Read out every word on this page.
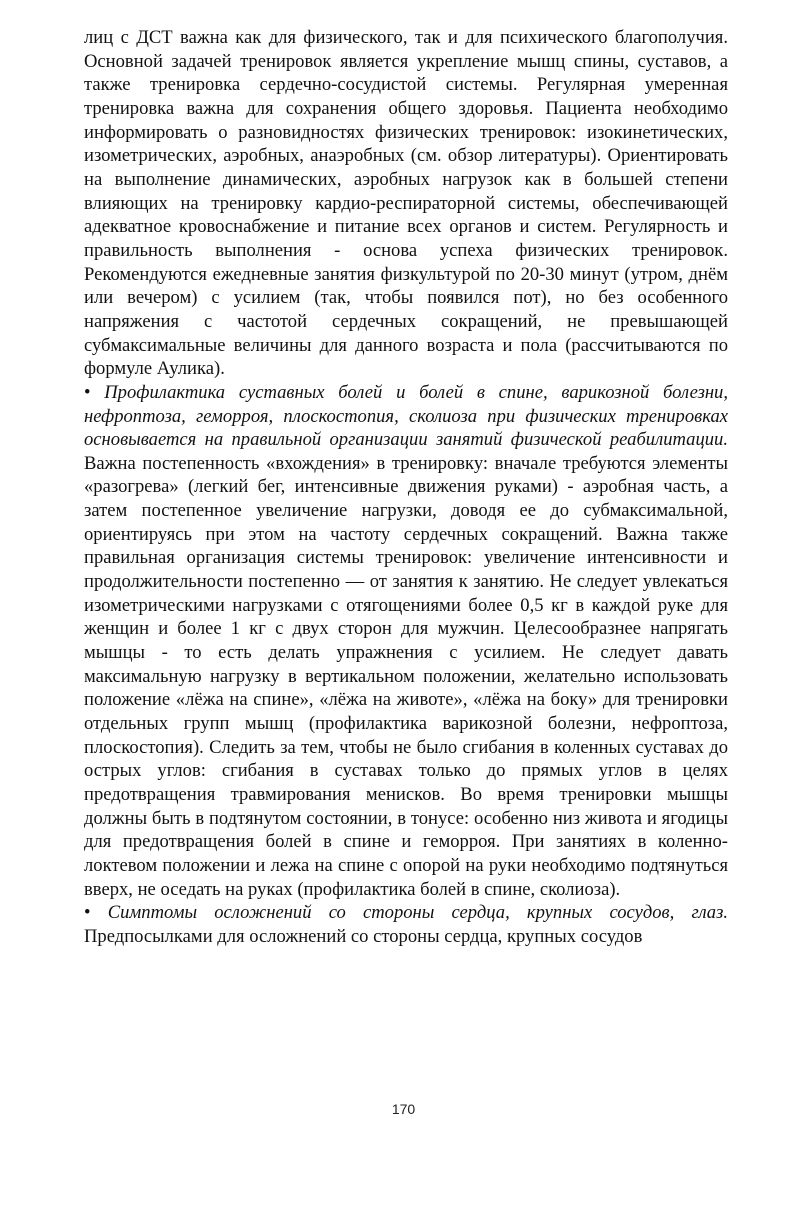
лиц с ДСТ важна как для физического, так и для психического благополучия. Основной задачей тренировок является укрепление мышц спины, суставов, а также тренировка сердечно-сосудистой системы. Регулярная умеренная тренировка важна для сохранения общего здоровья. Пациента необходимо информировать о разновидностях физических тренировок: изокинетических, изометрических, аэробных, анаэробных (см. обзор литературы). Ориентировать на выполнение динамических, аэробных нагрузок как в большей степени влияющих на тренировку кардио-респираторной системы, обеспечивающей адекватное кровоснабжение и питание всех органов и систем. Регулярность и правильность выполнения - основа успеха физических тренировок. Рекомендуются ежедневные занятия физкультурой по 20-30 минут (утром, днём или вечером) с усилием (так, чтобы появился пот), но без особенного напряжения с частотой сердечных сокращений, не превышающей субмаксимальные величины для данного возраста и пола (рассчитываются по формуле Аулика).

• Профилактика суставных болей и болей в спине, варикозной болезни, нефроптоза, геморроя, плоскостопия, сколиоза при физических тренировках основывается на правильной организации занятий физической реабилитации. Важна постепенность «вхождения» в тренировку: вначале требуются элементы «разогрева» (легкий бег, интенсивные движения руками) - аэробная часть, а затем постепенное увеличение нагрузки, доводя ее до субмаксимальной, ориентируясь при этом на частоту сердечных сокращений. Важна также правильная организация системы тренировок: увеличение интенсивности и продолжительности постепенно — от занятия к занятию. Не следует увлекаться изометрическими нагрузками с отягощениями более 0,5 кг в каждой руке для женщин и более 1 кг с двух сторон для мужчин. Целесообразнее напрягать мышцы - то есть делать упражнения с усилием. Не следует давать максимальную нагрузку в вертикальном положении, желательно использовать положение «лёжа на спине», «лёжа на животе», «лёжа на боку» для тренировки отдельных групп мышц (профилактика варикозной болезни, нефроптоза, плоскостопия). Следить за тем, чтобы не было сгибания в коленных суставах до острых углов: сгибания в суставах только до прямых углов в целях предотвращения травмирования менисков. Во время тренировки мышцы должны быть в подтянутом состоянии, в тонусе: особенно низ живота и ягодицы для предотвращения болей в спине и геморроя. При занятиях в коленно-локтевом положении и лежа на спине с опорой на руки необходимо подтянуться вверх, не оседать на руках (профилактика болей в спине, сколиоза).

• Симптомы осложнений со стороны сердца, крупных сосудов, глаз. Предпосылками для осложнений со стороны сердца, крупных сосудов

170
